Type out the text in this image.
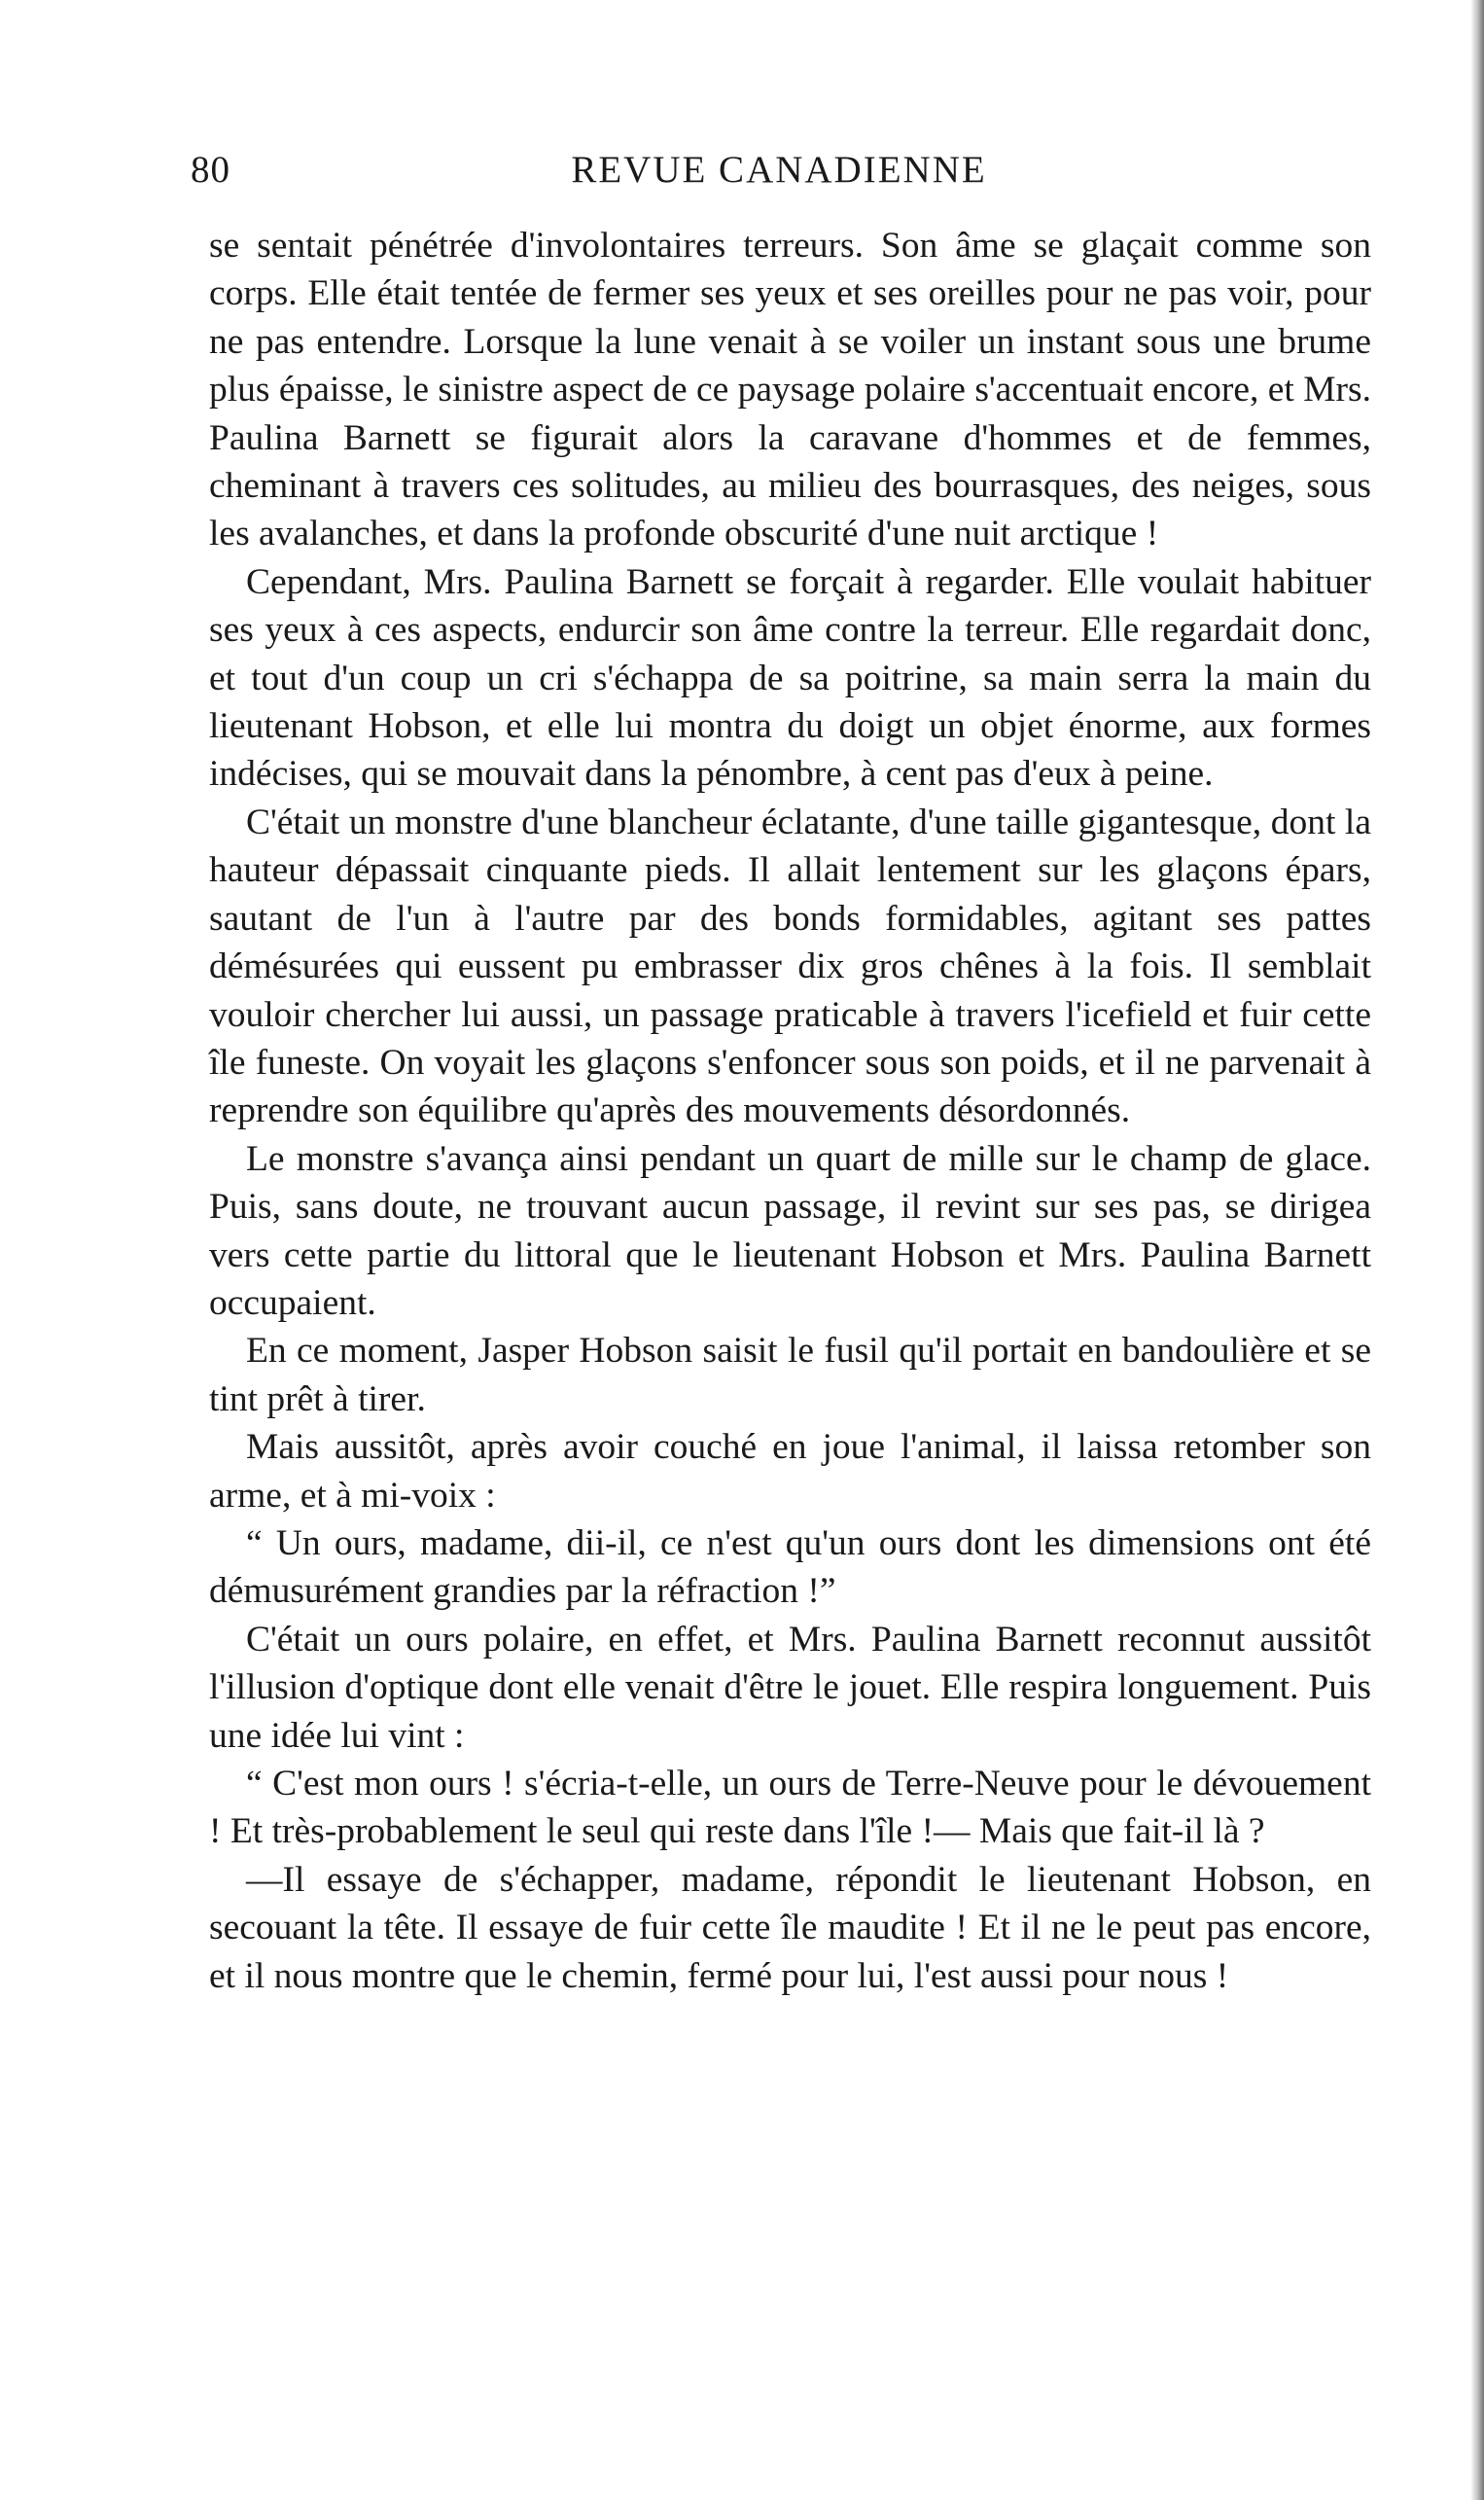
80	REVUE CANADIENNE

se sentait pénétrée d'involontaires terreurs. Son âme se glaçait comme son corps. Elle était tentée de fermer ses yeux et ses oreilles pour ne pas voir, pour ne pas entendre. Lorsque la lune venait à se voiler un instant sous une brume plus épaisse, le sinistre aspect de ce paysage polaire s'accentuait encore, et Mrs. Paulina Barnett se figurait alors la caravane d'hommes et de femmes, cheminant à travers ces solitudes, au milieu des bourrasques, des neiges, sous les avalanches, et dans la profonde obscurité d'une nuit arctique !

Cependant, Mrs. Paulina Barnett se forçait à regarder. Elle voulait habituer ses yeux à ces aspects, endurcir son âme contre la terreur. Elle regardait donc, et tout d'un coup un cri s'échappa de sa poitrine, sa main serra la main du lieutenant Hobson, et elle lui montra du doigt un objet énorme, aux formes indécises, qui se mouvait dans la pénombre, à cent pas d'eux à peine.

C'était un monstre d'une blancheur éclatante, d'une taille gigantesque, dont la hauteur dépassait cinquante pieds. Il allait lentement sur les glaçons épars, sautant de l'un à l'autre par des bonds formidables, agitant ses pattes démésurées qui eussent pu embrasser dix gros chênes à la fois. Il semblait vouloir chercher lui aussi, un passage praticable à travers l'icefield et fuir cette île funeste. On voyait les glaçons s'enfoncer sous son poids, et il ne parvenait à reprendre son équilibre qu'après des mouvements désordonnés.

Le monstre s'avança ainsi pendant un quart de mille sur le champ de glace. Puis, sans doute, ne trouvant aucun passage, il revint sur ses pas, se dirigea vers cette partie du littoral que le lieutenant Hobson et Mrs. Paulina Barnett occupaient.

En ce moment, Jasper Hobson saisit le fusil qu'il portait en bandoulière et se tint prêt à tirer.

Mais aussitôt, après avoir couché en joue l'animal, il laissa retomber son arme, et à mi-voix :

“ Un ours, madame, dii-il, ce n'est qu'un ours dont les dimensions ont été démusurément grandies par la réfraction !”

C'était un ours polaire, en effet, et Mrs. Paulina Barnett reconnut aussitôt l'illusion d'optique dont elle venait d'être le jouet. Elle respira longuement. Puis une idée lui vint :

“ C'est mon ours ! s'écria-t-elle, un ours de Terre-Neuve pour le dévouement ! Et très-probablement le seul qui reste dans l'île !— Mais que fait-il là ?

—Il essaye de s'échapper, madame, répondit le lieutenant Hobson, en secouant la tête. Il essaye de fuir cette île maudite ! Et il ne le peut pas encore, et il nous montre que le chemin, fermé pour lui, l'est aussi pour nous !
